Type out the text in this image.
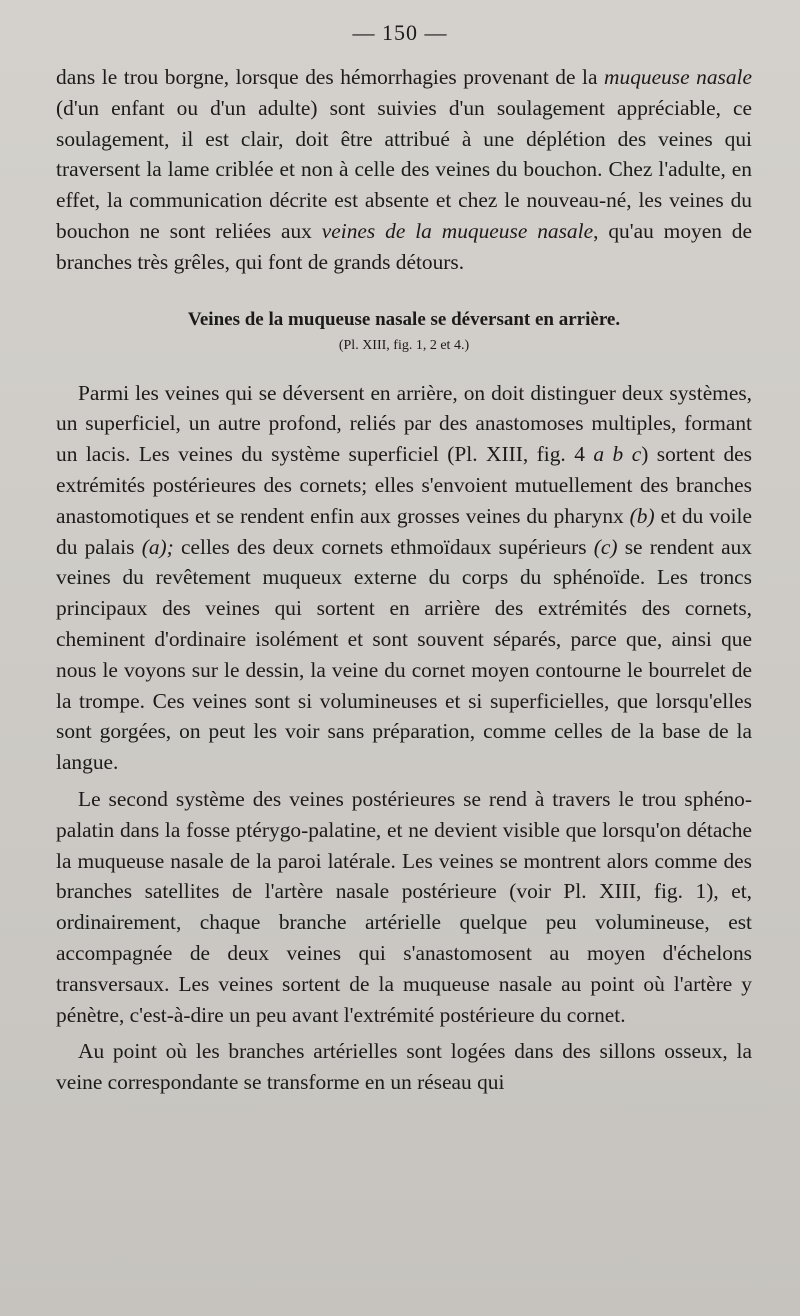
— 150 —

dans le trou borgne, lorsque des hémorrhagies provenant de la muqueuse nasale (d'un enfant ou d'un adulte) sont suivies d'un soulagement appréciable, ce soulagement, il est clair, doit être attribué à une déplétion des veines qui traversent la lame criblée et non à celle des veines du bouchon. Chez l'adulte, en effet, la communication décrite est absente et chez le nouveau-né, les veines du bouchon ne sont reliées aux veines de la muqueuse nasale, qu'au moyen de branches très grêles, qui font de grands détours.

Veines de la muqueuse nasale se déversant en arrière.
(Pl. XIII, fig. 1, 2 et 4.)

Parmi les veines qui se déversent en arrière, on doit distinguer deux systèmes, un superficiel, un autre profond, reliés par des anastomoses multiples, formant un lacis. Les veines du système superficiel (Pl. XIII, fig. 4 a b c) sortent des extrémités postérieures des cornets; elles s'envoient mutuellement des branches anastomotiques et se rendent enfin aux grosses veines du pharynx (b) et du voile du palais (a); celles des deux cornets ethmoïdaux supérieurs (c) se rendent aux veines du revêtement muqueux externe du corps du sphénoïde. Les troncs principaux des veines qui sortent en arrière des extrémités des cornets, cheminent d'ordinaire isolément et sont souvent séparés, parce que, ainsi que nous le voyons sur le dessin, la veine du cornet moyen contourne le bourrelet de la trompe. Ces veines sont si volumineuses et si superficielles, que lorsqu'elles sont gorgées, on peut les voir sans préparation, comme celles de la base de la langue.

Le second système des veines postérieures se rend à travers le trou sphéno-palatin dans la fosse ptérygo-palatine, et ne devient visible que lorsqu'on détache la muqueuse nasale de la paroi latérale. Les veines se montrent alors comme des branches satellites de l'artère nasale postérieure (voir Pl. XIII, fig. 1), et, ordinairement, chaque branche artérielle quelque peu volumineuse, est accompagnée de deux veines qui s'anastomosent au moyen d'échelons transversaux. Les veines sortent de la muqueuse nasale au point où l'artère y pénètre, c'est-à-dire un peu avant l'extrémité postérieure du cornet.

Au point où les branches artérielles sont logées dans des sillons osseux, la veine correspondante se transforme en un réseau qui
